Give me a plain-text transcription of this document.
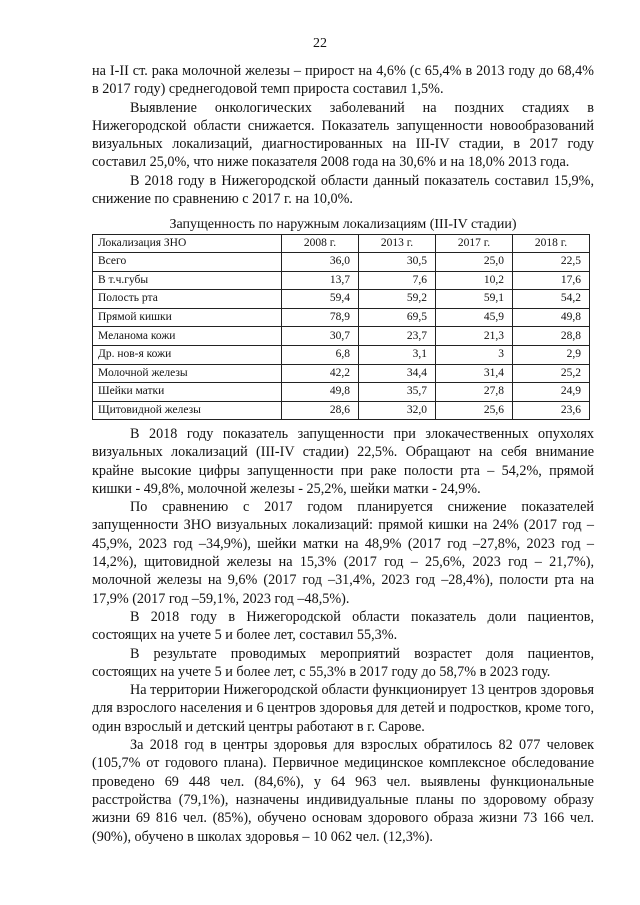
22

на I-II ст. рака молочной железы – прирост на 4,6% (с 65,4% в 2013 году до 68,4% в 2017 году) среднегодовой темп прироста составил 1,5%.

Выявление онкологических заболеваний на поздних стадиях в Нижегородской области снижается. Показатель запущенности новообразований визуальных локализаций, диагностированных на III-IV стадии, в 2017 году составил 25,0%, что ниже показателя 2008 года на 30,6% и на 18,0% 2013 года.

В 2018 году в Нижегородской области данный показатель составил 15,9%, снижение по сравнению с 2017 г. на 10,0%.

Запущенность по наружным локализациям (III-IV стадии)
Локализация ЗНО	2008 г.	2013 г.	2017 г.	2018 г.
Всего	36,0	30,5	25,0	22,5
В т.ч.губы	13,7	7,6	10,2	17,6
Полость рта	59,4	59,2	59,1	54,2
Прямой кишки	78,9	69,5	45,9	49,8
Меланома кожи	30,7	23,7	21,3	28,8
Др. нов-я кожи	6,8	3,1	3	2,9
Молочной железы	42,2	34,4	31,4	25,2
Шейки матки	49,8	35,7	27,8	24,9
Щитовидной железы	28,6	32,0	25,6	23,6

В 2018 году показатель запущенности при злокачественных опухолях визуальных локализаций (III-IV стадии) 22,5%. Обращают на себя внимание крайне высокие цифры запущенности при раке полости рта – 54,2%, прямой кишки - 49,8%, молочной железы - 25,2%, шейки матки - 24,9%.

По сравнению с 2017 годом планируется снижение показателей запущенности ЗНО визуальных локализаций: прямой кишки на 24% (2017 год – 45,9%, 2023 год –34,9%), шейки матки на 48,9% (2017 год –27,8%, 2023 год – 14,2%), щитовидной железы на 15,3% (2017 год – 25,6%, 2023 год – 21,7%), молочной железы на 9,6% (2017 год –31,4%, 2023 год –28,4%), полости рта на 17,9% (2017 год –59,1%, 2023 год –48,5%).

В 2018 году в Нижегородской области показатель доли пациентов, состоящих на учете 5 и более лет, составил 55,3%.

В результате проводимых мероприятий возрастет доля пациентов, состоящих на учете 5 и более лет, с 55,3% в 2017 году до 58,7% в 2023 году.

На территории Нижегородской области функционирует 13 центров здоровья для взрослого населения и 6 центров здоровья для детей и подростков, кроме того, один взрослый и детский центры работают в г. Сарове.

За 2018 год в центры здоровья для взрослых обратилось 82 077 человек (105,7% от годового плана). Первичное медицинское комплексное обследование проведено 69 448 чел. (84,6%), у 64 963 чел. выявлены функциональные расстройства (79,1%), назначены индивидуальные планы по здоровому образу жизни 69 816 чел. (85%), обучено основам здорового образа жизни 73 166 чел. (90%), обучено в школах здоровья – 10 062 чел. (12,3%).
